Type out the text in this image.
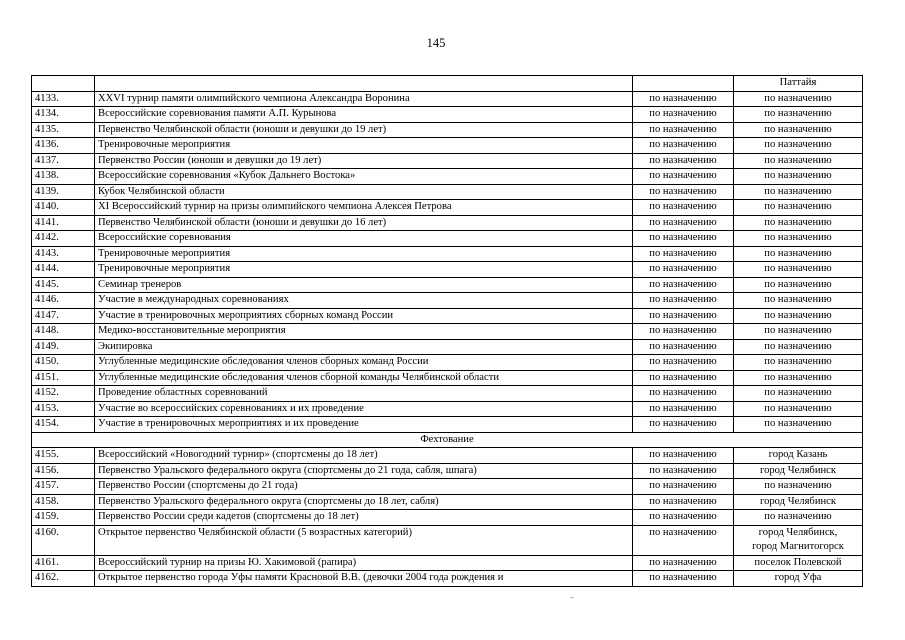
145
			Паттайя
4133.	XXVI турнир памяти олимпийского чемпиона Александра Воронина	по назначению	по назначению
4134.	Всероссийские соревнования памяти А.П. Курынова	по назначению	по назначению
4135.	Первенство Челябинской области (юноши и девушки до 19 лет)	по назначению	по назначению
4136.	Тренировочные мероприятия	по назначению	по назначению
4137.	Первенство России (юноши и девушки до 19 лет)	по назначению	по назначению
4138.	Всероссийские соревнования «Кубок Дальнего Востока»	по назначению	по назначению
4139.	Кубок Челябинской области	по назначению	по назначению
4140.	XI Всероссийский турнир на призы олимпийского чемпиона Алексея Петрова	по назначению	по назначению
4141.	Первенство Челябинской области (юноши и девушки до 16 лет)	по назначению	по назначению
4142.	Всероссийские соревнования	по назначению	по назначению
4143.	Тренировочные мероприятия	по назначению	по назначению
4144.	Тренировочные мероприятия	по назначению	по назначению
4145.	Семинар тренеров	по назначению	по назначению
4146.	Участие в международных соревнованиях	по назначению	по назначению
4147.	Участие в тренировочных мероприятиях сборных команд России	по назначению	по назначению
4148.	Медико-восстановительные мероприятия	по назначению	по назначению
4149.	Экипировка	по назначению	по назначению
4150.	Углубленные медицинские обследования членов сборных команд России	по назначению	по назначению
4151.	Углубленные медицинские обследования членов сборной команды Челябинской области	по назначению	по назначению
4152.	Проведение областных соревнований	по назначению	по назначению
4153.	Участие во всероссийских соревнованиях и их проведение	по назначению	по назначению
4154.	Участие в тренировочных мероприятиях и их проведение	по назначению	по назначению
Фехтование			
4155.	Всероссийский «Новогодний турнир» (спортсмены до 18 лет)	по назначению	город Казань
4156.	Первенство Уральского федерального округа (спортсмены до 21 года, сабля, шпага)	по назначению	город Челябинск
4157.	Первенство России (спортсмены до 21 года)	по назначению	по назначению
4158.	Первенство Уральского федерального округа (спортсмены до 18 лет, сабля)	по назначению	город Челябинск
4159.	Первенство России среди кадетов (спортсмены до 18 лет)	по назначению	по назначению
4160.	Открытое первенство Челябинской области (5 возрастных категорий)	по назначению	город Челябинск,
город Магнитогорск

4161.	Всероссийский турнир на призы Ю. Хакимовой (рапира)	по назначению	поселок Полевской
4162.	Открытое первенство города Уфы памяти Красновой В.В. (девочки 2004 года рождения и	по назначению	город Уфа
